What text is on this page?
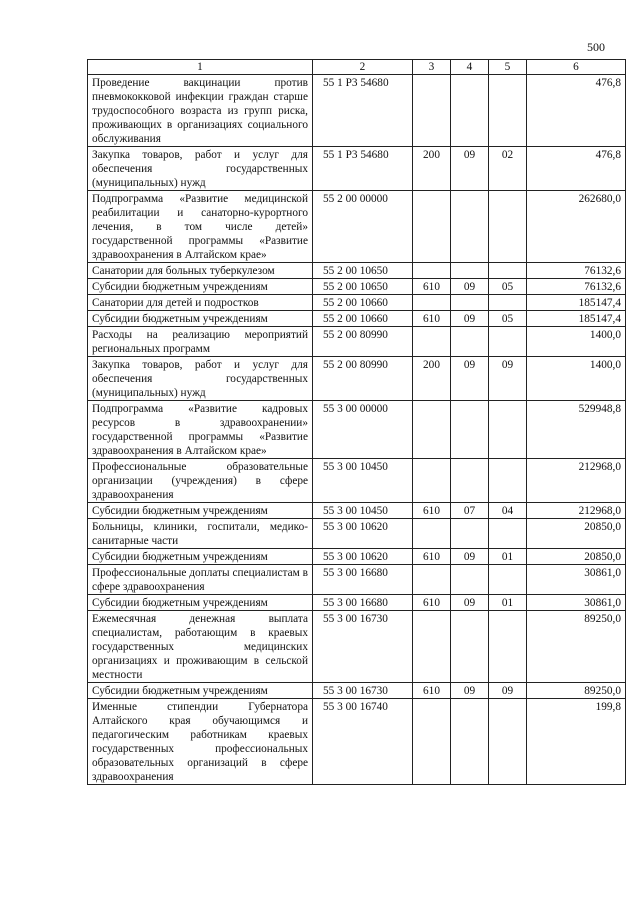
500
1	2	3	4	5	6
Проведение вакцинации против пневмококковой инфекции граждан старше трудоспособного возраста из групп риска, проживающих в организациях социального обслуживания	55 1 P3 54680				476,8
Закупка товаров, работ и услуг для обеспечения государственных (муниципальных) нужд	55 1 P3 54680	200	09	02	476,8
Подпрограмма «Развитие медицинской реабилитации и санаторно-курортного лечения, в том числе детей» государственной программы «Развитие здравоохранения в Алтайском крае»	55 2 00 00000				262680,0
Санатории для больных туберкулезом	55 2 00 10650				76132,6
Субсидии бюджетным учреждениям	55 2 00 10650	610	09	05	76132,6
Санатории для детей и подростков	55 2 00 10660				185147,4
Субсидии бюджетным учреждениям	55 2 00 10660	610	09	05	185147,4
Расходы на реализацию мероприятий региональных программ	55 2 00 80990				1400,0
Закупка товаров, работ и услуг для обеспечения государственных (муниципальных) нужд	55 2 00 80990	200	09	09	1400,0
Подпрограмма «Развитие кадровых ресурсов в здравоохранении» государственной программы «Развитие здравоохранения в Алтайском крае»	55 3 00 00000				529948,8
Профессиональные образовательные организации (учреждения) в сфере здравоохранения	55 3 00 10450				212968,0
Субсидии бюджетным учреждениям	55 3 00 10450	610	07	04	212968,0
Больницы, клиники, госпитали, медико-санитарные части	55 3 00 10620				20850,0
Субсидии бюджетным учреждениям	55 3 00 10620	610	09	01	20850,0
Профессиональные доплаты специалистам в сфере здравоохранения	55 3 00 16680				30861,0
Субсидии бюджетным учреждениям	55 3 00 16680	610	09	01	30861,0
Ежемесячная денежная выплата специалистам, работающим в краевых государственных медицинских организациях и проживающим в сельской местности	55 3 00 16730				89250,0
Субсидии бюджетным учреждениям	55 3 00 16730	610	09	09	89250,0
Именные стипендии Губернатора Алтайского края обучающимся и педагогическим работникам краевых государственных профессиональных образовательных организаций в сфере здравоохранения	55 3 00 16740				199,8
